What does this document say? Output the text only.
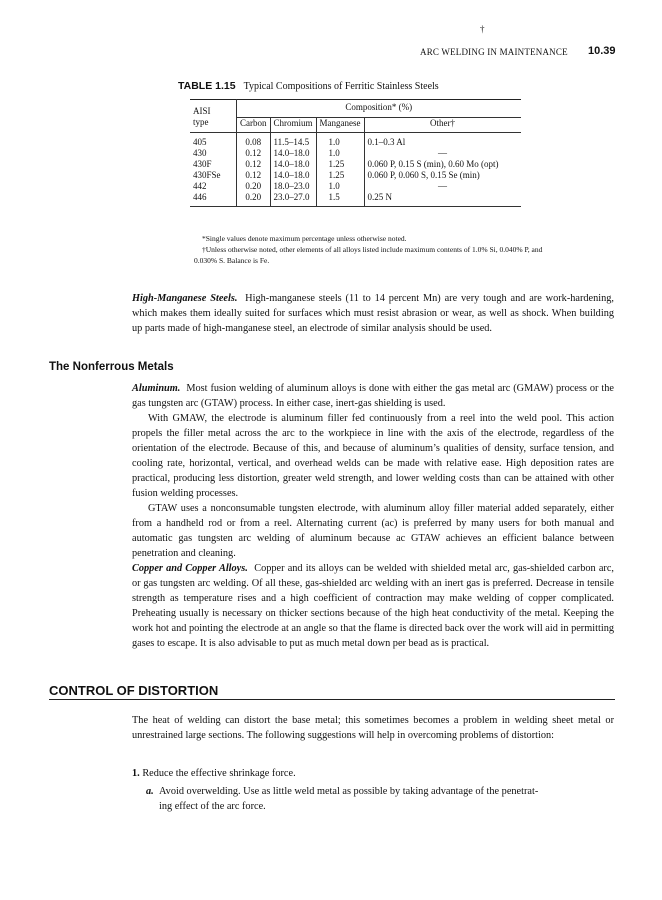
†
ARC WELDING IN MAINTENANCE 10.39
TABLE 1.15 Typical Compositions of Ferritic Stainless Steels
AISI	Composition* (%)			
type	Carbon	Chromium	Manganese	Other†
405	0.08	11.5–14.5	1.0	0.1–0.3 Al
430	0.12	14.0–18.0	1.0	—
430F	0.12	14.0–18.0	1.25	0.060 P, 0.15 S (min), 0.60 Mo (opt)
430FSe	0.12	14.0–18.0	1.25	0.060 P, 0.060 S, 0.15 Se (min)
442	0.20	18.0–23.0	1.0	—
446	0.20	23.0–27.0	1.5	0.25 N

*Single values denote maximum percentage unless otherwise noted.

†Unless otherwise noted, other elements of all alloys listed include maximum contents of 1.0% Si, 0.040% P, and 0.030% S. Balance is Fe.

High-Manganese Steels. High-manganese steels (11 to 14 percent Mn) are very tough and are work-hardening, which makes them ideally suited for surfaces which must resist abrasion or wear, as well as shock. When building up parts made of high-manganese steel, an electrode of similar analysis should be used.

The Nonferrous Metals

Aluminum. Most fusion welding of aluminum alloys is done with either the gas metal arc (GMAW) process or the gas tungsten arc (GTAW) process. In either case, inert-gas shielding is used.

With GMAW, the electrode is aluminum filler fed continuously from a reel into the weld pool. This action propels the filler metal across the arc to the workpiece in line with the axis of the electrode, regardless of the orientation of the electrode. Because of this, and because of aluminum’s qualities of density, surface tension, and cooling rate, horizontal, vertical, and overhead welds can be made with relative ease. High deposition rates are practical, producing less distortion, greater weld strength, and lower welding costs than can be attained with other fusion welding processes.

GTAW uses a nonconsumable tungsten electrode, with aluminum alloy filler material added separately, either from a handheld rod or from a reel. Alternating current (ac) is preferred by many users for both manual and automatic gas tungsten arc welding of aluminum because ac GTAW achieves an efficient balance between penetration and cleaning.

Copper and Copper Alloys. Copper and its alloys can be welded with shielded metal arc, gas-shielded carbon arc, or gas tungsten arc welding. Of all these, gas-shielded arc welding with an inert gas is preferred. Decrease in tensile strength as temperature rises and a high coefficient of contraction may make welding of copper complicated. Preheating usually is necessary on thicker sections because of the high heat conductivity of the metal. Keeping the work hot and pointing the electrode at an angle so that the flame is directed back over the work will aid in permitting gases to escape. It is also advisable to put as much metal down per bead as is practical.

CONTROL OF DISTORTION

The heat of welding can distort the base metal; this sometimes becomes a problem in welding sheet metal or unrestrained large sections. The following suggestions will help in overcoming problems of distortion:

1. Reduce the effective shrinkage force.
a. Avoid overwelding. Use as little weld metal as possible by taking advantage of the penetrat-
ing effect of the arc force.
